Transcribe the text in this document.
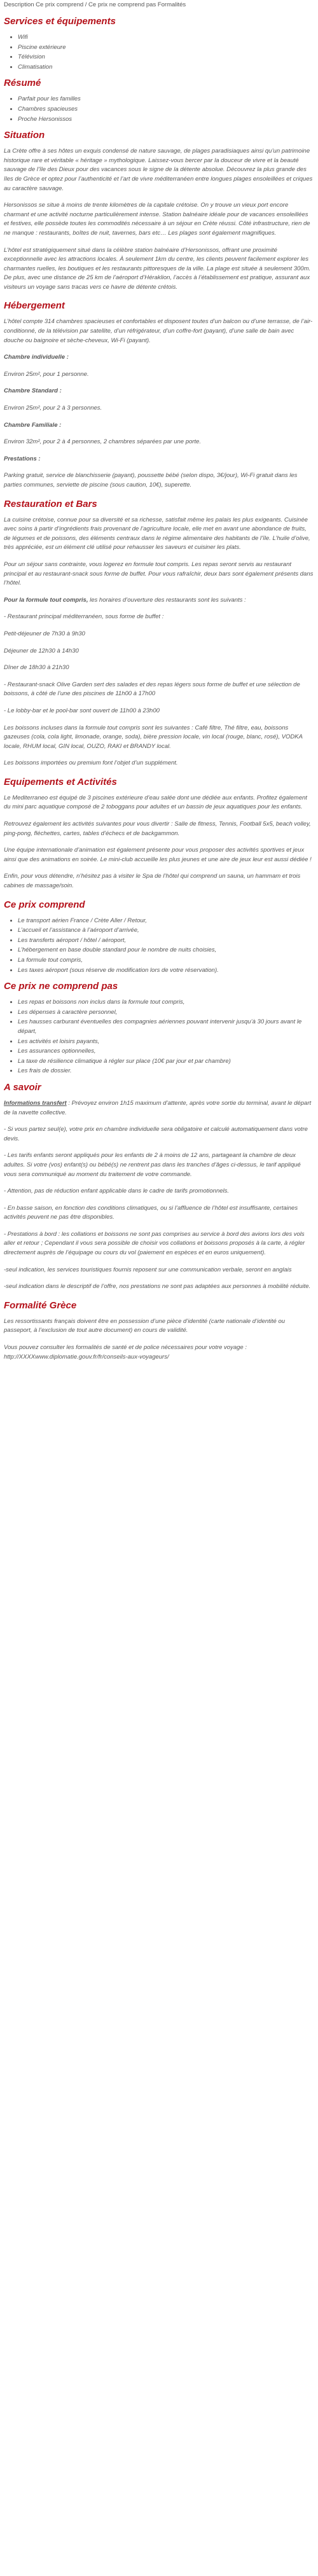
Description Ce prix comprend / Ce prix ne comprend pas Formalités
Services et équipements
• Wifi
• Piscine extérieure
• Télévision
• Climatisation
Résumé
• Parfait pour les familles
• Chambres spacieuses
• Proche Hersonissos
Situation

La Crète offre à ses hôtes un exquis condensé de nature sauvage, de plages paradisiaques ainsi qu’un patrimoine historique rare et véritable « héritage » mythologique. Laissez-vous bercer par la douceur de vivre et la beauté sauvage de l’île des Dieux pour des vacances sous le signe de la détente absolue. Découvrez la plus grande des îles de Grèce et optez pour l’authenticité et l’art de vivre méditerranéen entre longues plages ensoleillées et criques au caractère sauvage.

Hersonissos se situe à moins de trente kilomètres de la capitale crétoise. On y trouve un vieux port encore charmant et une activité nocturne particulièrement intense. Station balnéaire idéale pour de vacances ensoleillées et festives, elle possède toutes les commodités nécessaire à un séjour en Crète réussi. Côté infrastructure, rien de ne manque : restaurants, boîtes de nuit, tavernes, bars etc… Les plages sont également magnifiques.

L’hôtel est stratégiquement situé dans la célèbre station balnéaire d’Hersonissos, offrant une proximité exceptionnelle avec les attractions locales. À seulement 1km du centre, les clients peuvent facilement explorer les charmantes ruelles, les boutiques et les restaurants pittoresques de la ville. La plage est située à seulement 300m. De plus, avec une distance de 25 km de l’aéroport d’Héraklion, l’accès à l’établissement est pratique, assurant aux visiteurs un voyage sans tracas vers ce havre de détente crétois.

Hébergement

L’hôtel compte 314 chambres spacieuses et confortables et disposent toutes d’un balcon ou d’une terrasse, de l’air-conditionné, de la télévision par satellite, d’un réfrigérateur, d’un coffre-fort (payant), d’une salle de bain avec douche ou baignoire et sèche-cheveux, Wi-Fi (payant).

Chambre individuelle :

Environ 25m², pour 1 personne.

Chambre Standard :

Environ 25m², pour 2 à 3 personnes.

Chambre Familiale :

Environ 32m², pour 2 à 4 personnes, 2 chambres séparées par une porte.

Prestations :

Parking gratuit, service de blanchisserie (payant), poussette bébé (selon dispo, 3€/jour), Wi-Fi gratuit dans les parties communes, serviette de piscine (sous caution, 10€), superette.

Restauration et Bars

La cuisine crétoise, connue pour sa diversité et sa richesse, satisfait même les palais les plus exigeants. Cuisinée avec soins à partir d’ingrédients frais provenant de l’agriculture locale, elle met en avant une abondance de fruits, de légumes et de poissons, des éléments centraux dans le régime alimentaire des habitants de l’île. L’huile d’olive, très appréciée, est un élément clé utilisé pour rehausser les saveurs et cuisiner les plats.

Pour un séjour sans contrainte, vous logerez en formule tout compris. Les repas seront servis au restaurant principal et au restaurant-snack sous forme de buffet. Pour vous rafraîchir, deux bars sont également présents dans l’hôtel.

Pour la formule tout compris, les horaires d’ouverture des restaurants sont les suivants :

- Restaurant principal méditerranéen, sous forme de buffet :

Petit-déjeuner de 7h30 à 9h30

Déjeuner de 12h30 à 14h30

Dîner de 18h30 à 21h30

- Restaurant-snack Olive Garden sert des salades et des repas légers sous forme de buffet et une sélection de boissons, à côté de l’une des piscines de 11h00 à 17h00

- Le lobby-bar et le pool-bar sont ouvert de 11h00 à 23h00

Les boissons incluses dans la formule tout compris sont les suivantes : Café filtre, Thé filtre, eau, boissons gazeuses (cola, cola light, limonade, orange, soda), bière pression locale, vin local (rouge, blanc, rosé), VODKA locale, RHUM local, GIN local, OUZO, RAKI et BRANDY local.

Les boissons importées ou premium font l’objet d’un supplément.

Equipements et Activités

Le Mediterraneo est équipé de 3 piscines extérieure d’eau salée dont une dédiée aux enfants. Profitez également du mini parc aquatique composé de 2 toboggans pour adultes et un bassin de jeux aquatiques pour les enfants.

Retrouvez également les activités suivantes pour vous divertir : Salle de fitness, Tennis, Football 5x5, beach volley, ping-pong, fléchettes, cartes, tables d’échecs et de backgammon.

Une équipe internationale d’animation est également présente pour vous proposer des activités sportives et jeux ainsi que des animations en soirée. Le mini-club accueille les plus jeunes et une aire de jeux leur est aussi dédiée !

Enfin, pour vous détendre, n’hésitez pas à visiter le Spa de l’hôtel qui comprend un sauna, un hammam et trois cabines de massage/soin.

Ce prix comprend
• Le transport aérien France / Crète Aller / Retour,
• L’accueil et l’assistance à l’aéroport d’arrivée,
• Les transferts aéroport / hôtel / aéroport,
• L’hébergement en base double standard pour le nombre de nuits choisies,
• La formule tout compris,
• Les taxes aéroport (sous réserve de modification lors de votre réservation).
Ce prix ne comprend pas
• Les repas et boissons non inclus dans la formule tout compris,
• Les dépenses à caractère personnel,
• Les hausses carburant éventuelles des compagnies aériennes pouvant intervenir jusqu’à 30 jours avant le départ,
• Les activités et loisirs payants,
• Les assurances optionnelles,
• La taxe de résilience climatique à régler sur place (10€ par jour et par chambre)
• Les frais de dossier.
A savoir

Informations transfert : Prévoyez environ 1h15 maximum d’attente, après votre sortie du terminal, avant le départ de la navette collective.

- Si vous partez seul(e), votre prix en chambre individuelle sera obligatoire et calculé automatiquement dans votre devis.

- Les tarifs enfants seront appliqués pour les enfants de 2 à moins de 12 ans, partageant la chambre de deux adultes. Si votre (vos) enfant(s) ou bébé(s) ne rentrent pas dans les tranches d’âges ci-dessus, le tarif appliqué vous sera communiqué au moment du traitement de votre commande.

- Attention, pas de réduction enfant applicable dans le cadre de tarifs promotionnels.

- En basse saison, en fonction des conditions climatiques, ou si l’affluence de l’hôtel est insuffisante, certaines activités peuvent ne pas être disponibles.

- Prestations à bord : les collations et boissons ne sont pas comprises au service à bord des avions lors des vols aller et retour ; Cependant il vous sera possible de choisir vos collations et boissons proposés à la carte, à régler directement auprès de l’équipage ou cours du vol (paiement en espèces et en euros uniquement).

-seul indication, les services touristiques fournis reposent sur une communication verbale, seront en anglais

-seul indication dans le descriptif de l’offre, nos prestations ne sont pas adaptées aux personnes à mobilité réduite.

Formalité Grèce

Les ressortissants français doivent être en possession d’une pièce d’identité (carte nationale d’identité ou passeport, à l’exclusion de tout autre document) en cours de validité.

Vous pouvez consulter les formalités de santé et de police nécessaires pour votre voyage : http://XXXXwww.diplomatie.gouv.fr/fr/conseils-aux-voyageurs/
